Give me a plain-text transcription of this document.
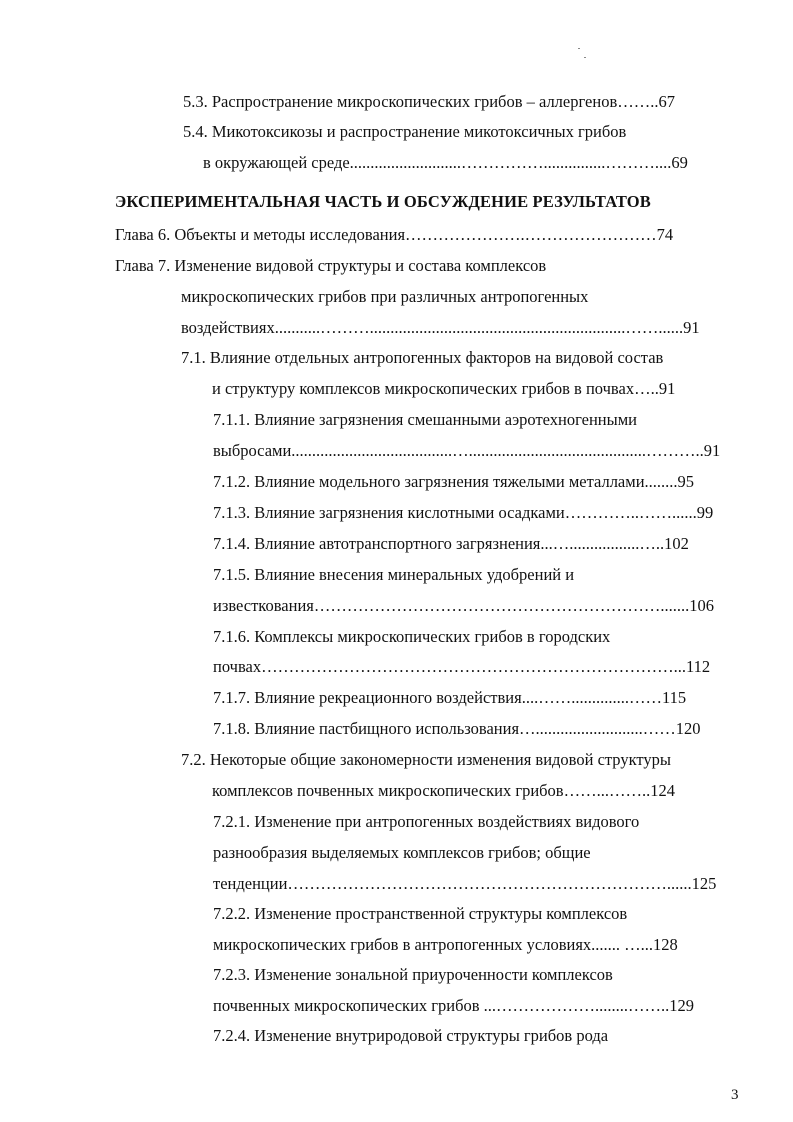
5.3. Распространение микроскопических грибов – аллергенов……..67
5.4. Микотоксикозы и распространение микотоксичных грибов
в окружающей среде...........................……………...............………....69
ЭКСПЕРИМЕНТАЛЬНАЯ ЧАСТЬ И ОБСУЖДЕНИЕ РЕЗУЛЬТАТОВ
Глава 6. Объекты и методы исследования………………….……………………74
Глава 7. Изменение видовой структуры и состава комплексов
микроскопических грибов при различных антропогенных
воздействиях...........………..............................................................……......91
7.1. Влияние отдельных антропогенных факторов на видовой состав
и структуру комплексов микроскопических грибов в почвах…..91
7.1.1. Влияние загрязнения смешанными аэротехногенными
выбросами.......................................…...........................................………..91
7.1.2. Влияние модельного загрязнения тяжелыми металлами........95
7.1.3. Влияние загрязнения кислотными осадками…………..……......99
7.1.4. Влияние автотранспортного загрязнения...….................…..102
7.1.5. Влияние внесения минеральных удобрений и
известкования……………………………………………………….......106
7.1.6. Комплексы микроскопических грибов в городских
почвах…………………………………………………………………...112
7.1.7. Влияние рекреационного воздействия....……..............……115
7.1.8. Влияние пастбищного использования…..........................……120
7.2. Некоторые общие закономерности изменения видовой структуры
комплексов почвенных микроскопических грибов……...……..124
7.2.1. Изменение при антропогенных воздействиях видового
разнообразия выделяемых комплексов грибов; общие
тенденции……………………………………………………………......125
7.2.2. Изменение пространственной структуры комплексов
микроскопических грибов в антропогенных условиях....... …...128
7.2.3. Изменение зональной приуроченности комплексов
почвенных микроскопических грибов ...………………........……..129
7.2.4. Изменение внутриродовой структуры грибов рода
3
